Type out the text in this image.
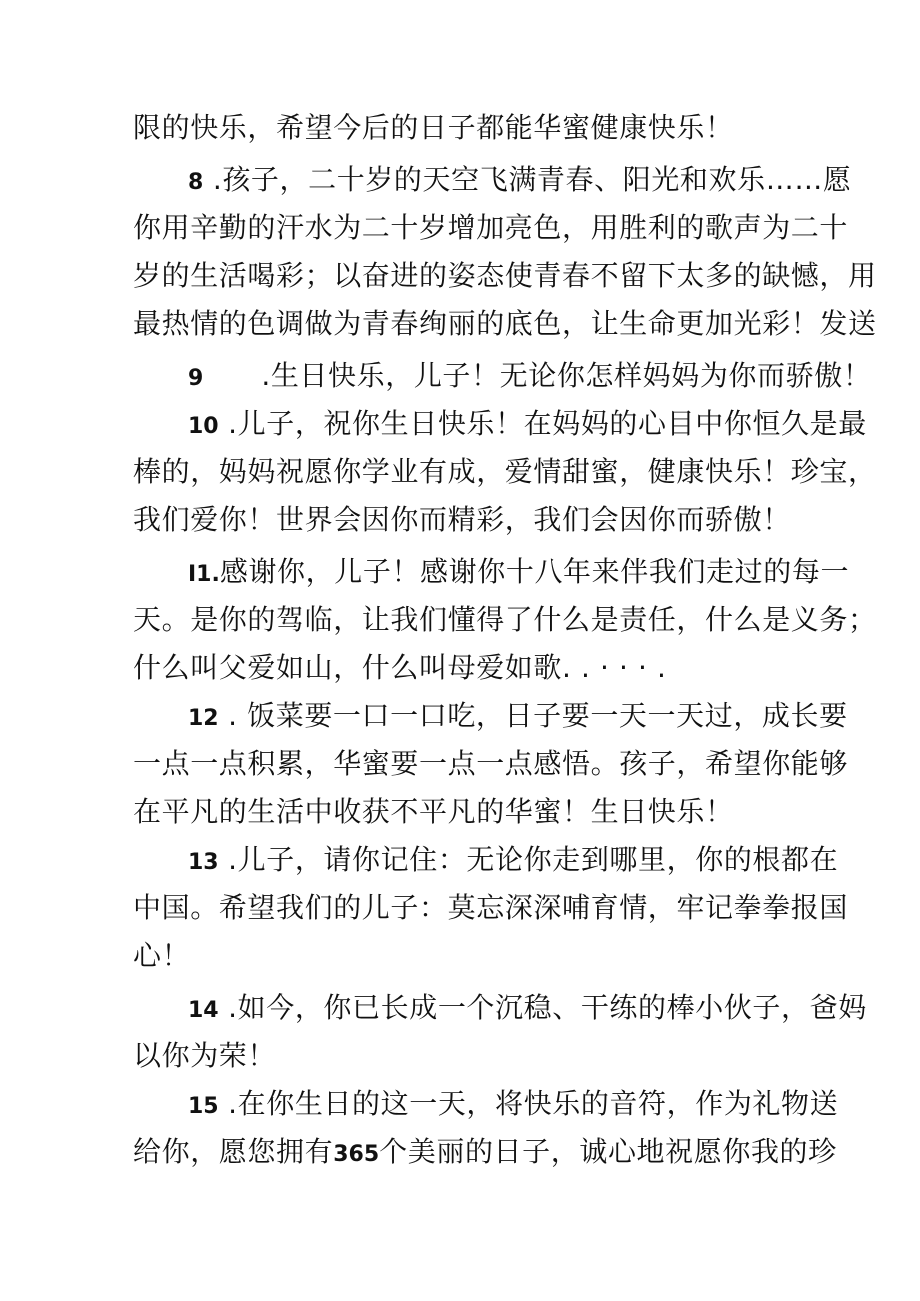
限的快乐，希望今后的日子都能华蜜健康快乐！
8 .孩子，二十岁的天空飞满青春、阳光和欢乐……愿
你用辛勤的汗水为二十岁增加亮色，用胜利的歌声为二十
岁的生活喝彩；以奋进的姿态使青春不留下太多的缺憾，用
最热情的色调做为青春绚丽的底色，让生命更加光彩！发送
9 .生日快乐，儿子！无论你怎样妈妈为你而骄傲！
10 .儿子，祝你生日快乐！在妈妈的心目中你恒久是最
棒的，妈妈祝愿你学业有成，爱情甜蜜，健康快乐！珍宝，
我们爱你！世界会因你而精彩，我们会因你而骄傲！
I1.感谢你，儿子！感谢你十八年来伴我们走过的每一
天。是你的驾临，让我们懂得了什么是责任，什么是义务；
什么叫父爱如山，什么叫母爱如歌. . · · · .
12 . 饭菜要一口一口吃，日子要一天一天过，成长要
一点一点积累，华蜜要一点一点感悟。孩子，希望你能够
在平凡的生活中收获不平凡的华蜜！生日快乐！
13 .儿子，请你记住：无论你走到哪里，你的根都在
中国。希望我们的儿子：莫忘深深哺育情，牢记拳拳报国
心！
14 .如今，你已长成一个沉稳、干练的棒小伙子，爸妈
以你为荣！
15 .在你生日的这一天，将快乐的音符，作为礼物送
给你，愿您拥有365个美丽的日子，诚心地祝愿你我的珍
